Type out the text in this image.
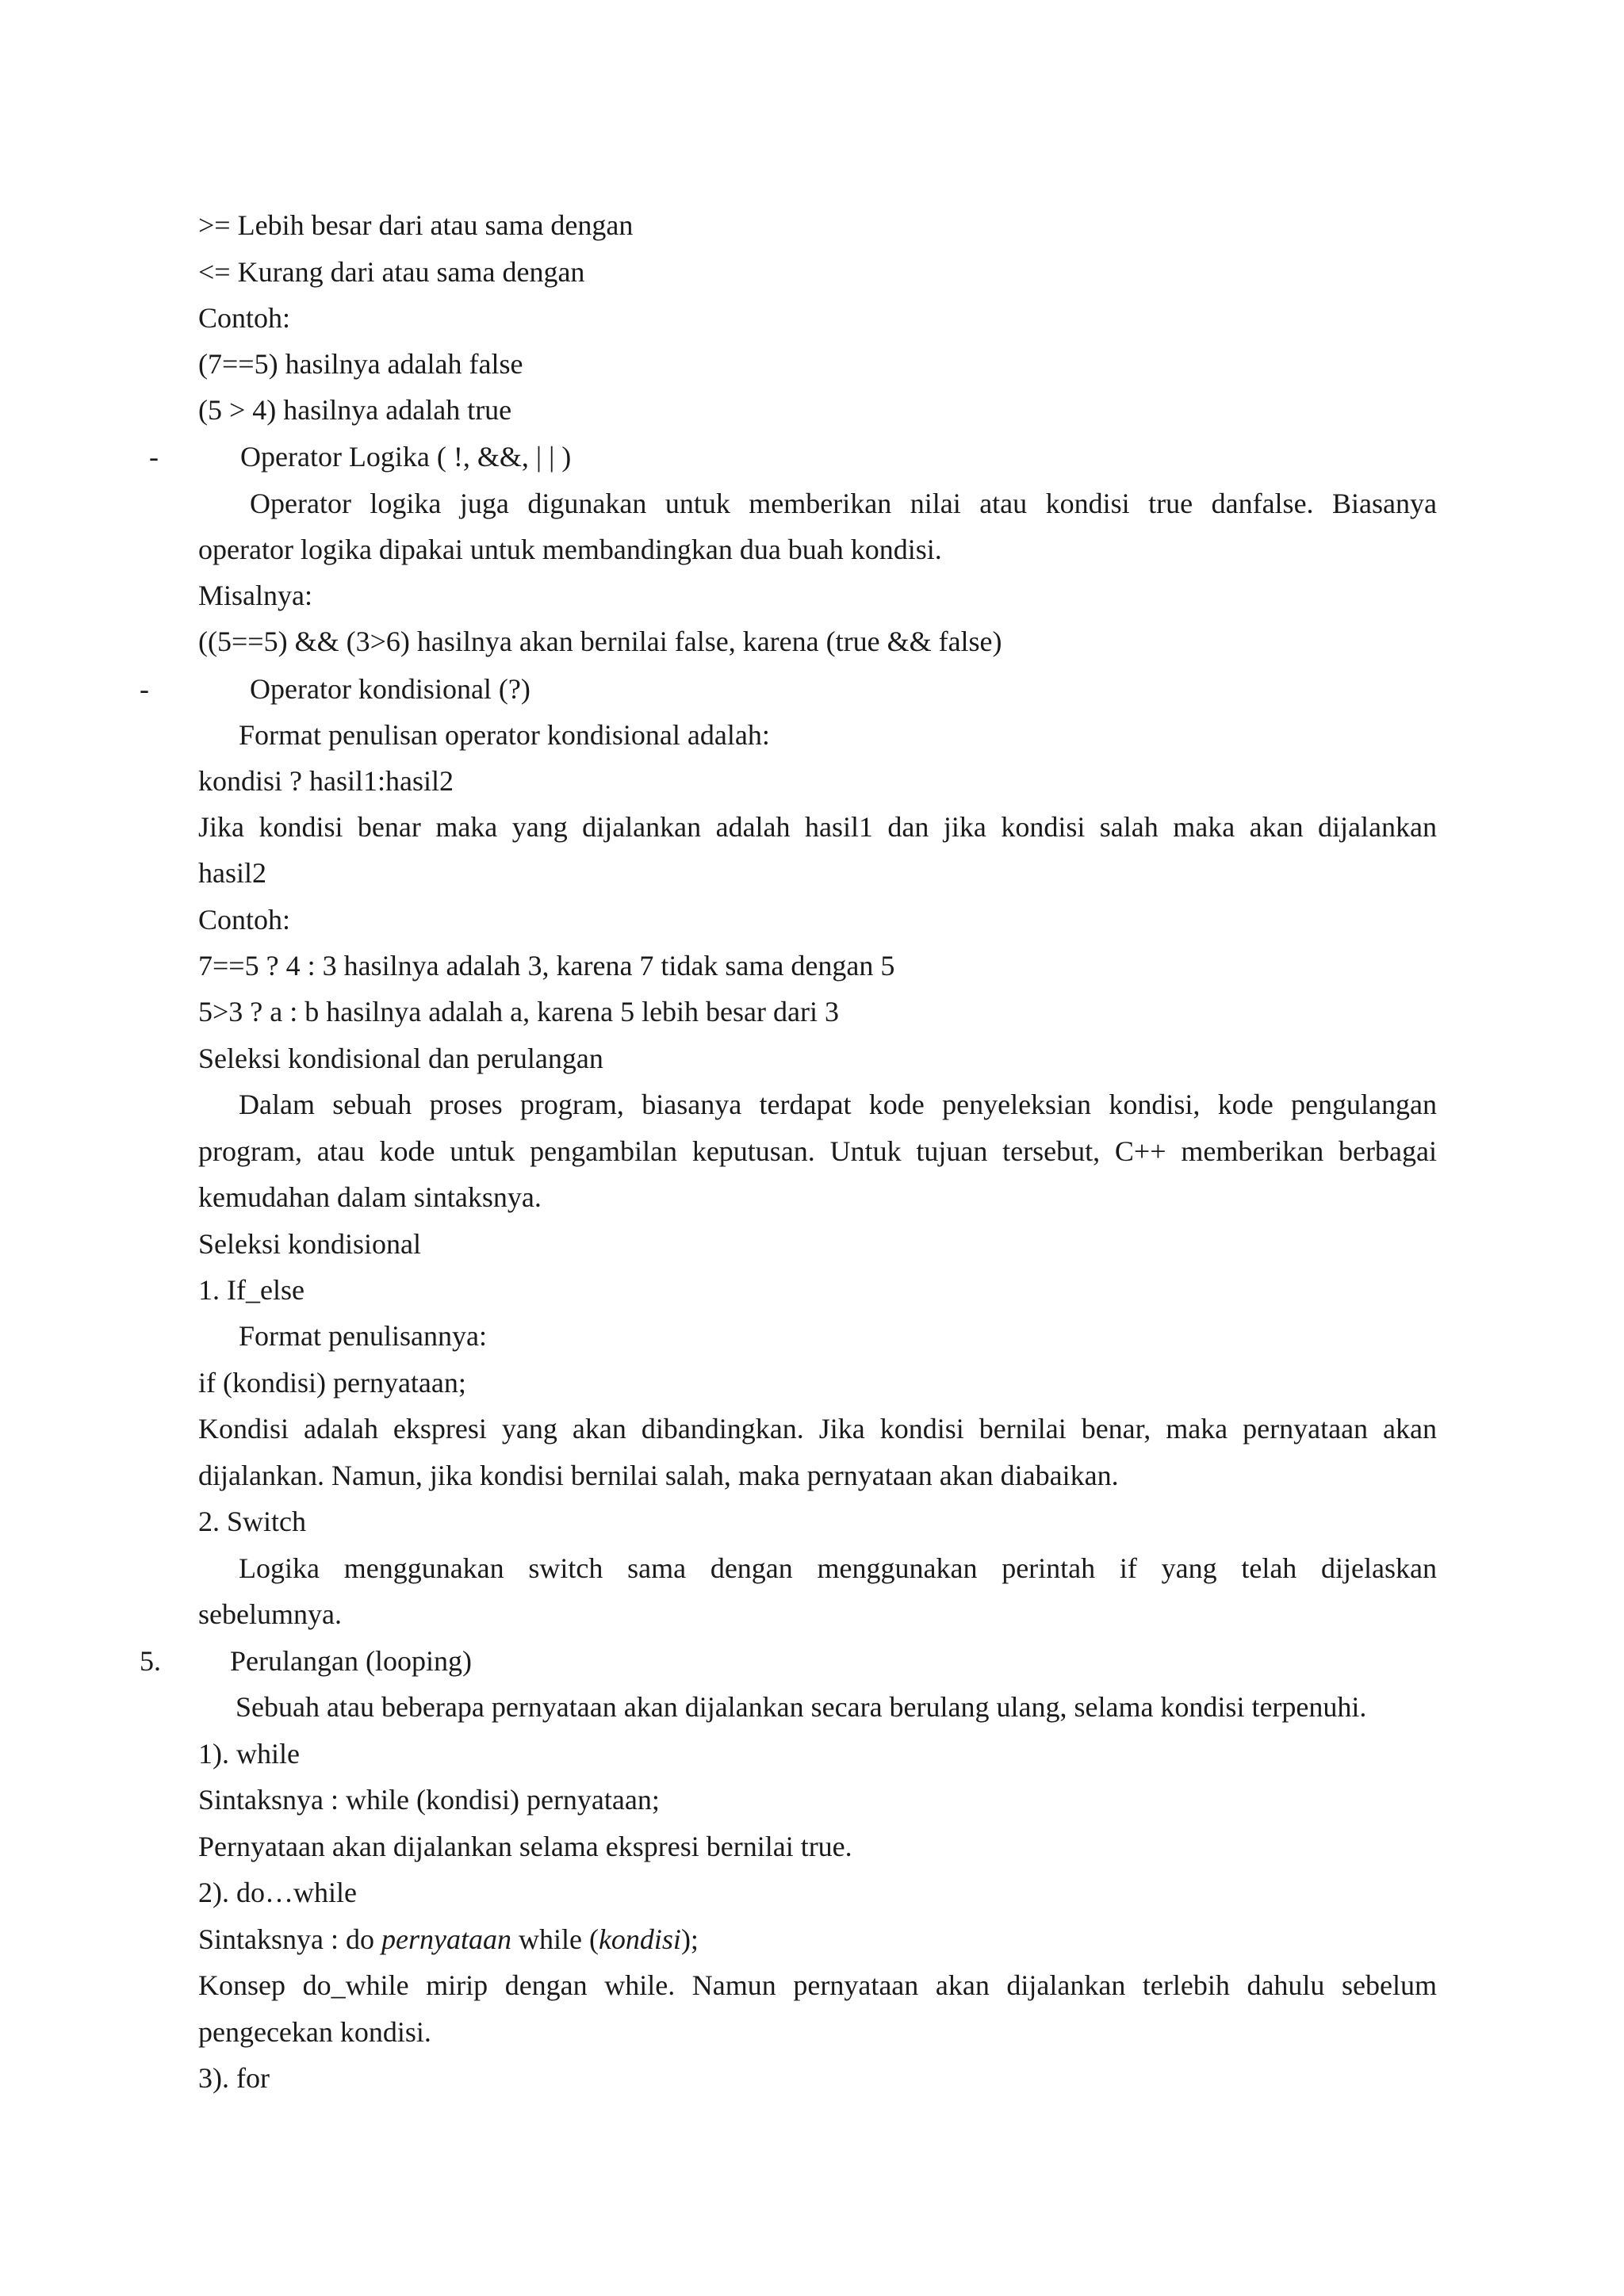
>= Lebih besar dari atau sama dengan
<= Kurang dari atau sama dengan
Contoh:
(7==5) hasilnya adalah false
(5 > 4) hasilnya adalah true
-	Operator Logika ( !, &&, | | )
Operator logika juga digunakan untuk memberikan nilai atau kondisi true danfalse. Biasanya
operator logika dipakai untuk membandingkan dua buah kondisi.
Misalnya:
((5==5) && (3>6) hasilnya akan bernilai false, karena (true && false)
-	Operator kondisional (?)
Format penulisan operator kondisional adalah:
kondisi ? hasil1:hasil2
Jika kondisi benar maka yang dijalankan adalah hasil1 dan jika kondisi salah maka akan dijalankan
hasil2
Contoh:
7==5 ? 4 : 3 hasilnya adalah 3, karena 7 tidak sama dengan 5
5>3 ? a : b hasilnya adalah a, karena 5 lebih besar dari 3
Seleksi kondisional dan perulangan
Dalam sebuah proses program, biasanya terdapat kode penyeleksian kondisi, kode pengulangan
program, atau kode untuk pengambilan keputusan. Untuk tujuan tersebut, C++ memberikan berbagai
kemudahan dalam sintaksnya.
Seleksi kondisional
1. If_else
Format penulisannya:
if (kondisi) pernyataan;
Kondisi adalah ekspresi yang akan dibandingkan. Jika kondisi bernilai benar, maka pernyataan akan
dijalankan. Namun, jika kondisi bernilai salah, maka pernyataan akan diabaikan.
2. Switch
Logika menggunakan switch sama dengan menggunakan perintah if yang telah dijelaskan
sebelumnya.
5. Perulangan (looping)
Sebuah atau beberapa pernyataan akan dijalankan secara berulang ulang, selama kondisi terpenuhi.
1). while
Sintaksnya : while (kondisi) pernyataan;
Pernyataan akan dijalankan selama ekspresi bernilai true.
2). do…while
Sintaksnya : do pernyataan while (kondisi);
Konsep do_while mirip dengan while. Namun pernyataan akan dijalankan terlebih dahulu sebelum
pengecekan kondisi.
3). for
